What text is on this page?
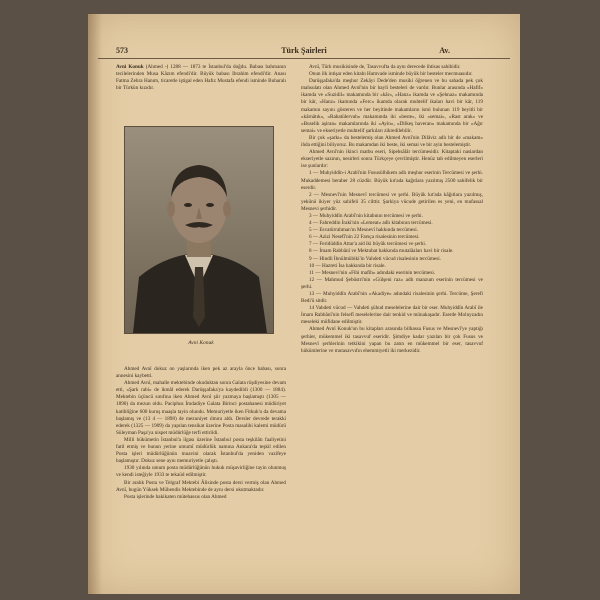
573	Türk Şairleri	Av.

Avni Konuk (Ahmed -) 1288 — 1873 te İstanbul'da doğdu. Babası bahmanın tecilelerinden Musa Kâzım efendi'dir. Büyük babası Ibrahim efendi'dir. Anası Fatma Zehra Hanım, ticaretle iştigal eden Hafız Mustafa efendi isminde Buharalı bir Türkün kızıdır.

Avni Konuk

Ahmed Avnî dokuz on yaşlarında iken pek az arayla önce babası, sonra annesini kaybetti.

Ahmed Avnî, mahalle mektebinde okuduktan sonra Galata rüşdiyesine devam etti, «Şark rabi» de ikmâl ederek Darüşşafaka'ya kaydedildi (1300 — 1884). Mektebin üçüncü sınıfına iken Ahmed Avnî şiir yazmaya başlamıştı (1305 — 1890) da mezun oldu. Paciphus İmdadiye Galata Birinci postahanesi müdüriyet katibliğine 600 kuruş maaşla tayin olundu. Memuriyetle iken Fitkuk'u da devama başlamış ve (13 4 — 1898) de mezuniyet ılmını aldı. Dersler devrede terakki ederek (1325 — 1909) da yapılan tensikat üzerine Posta masalihi kalemi müdürü Süleyman Paşa'ya nispet müdürlüğe terfi ettirildi.

Milli hükümetin İstanbul'a ilgası üzerine İstanbul posta teşkilâtı faaliyetini fatil etmiş ve bunun yerine umumî müdürlük namına Ankara'da teşkil edilen Posta işleri müdürlüğünün muavini olarak İstanbul'da yeniden vazifeye başlamıştır. Dokuz sene aynı memuriyetle çalıştı.

1930 yılında umum posta müdürlüğünün hukuk müşavirliğine tayin olunmuş ve kendi isteğiyle 1933 te tekaüd edilmiştir.

Bir aralık Posta ve Telgraf Mektebi Âlisinde posta dersi vermiş olan Ahmed Avnî, bugün Yüksek Mühendis Mektebinde de aynı dersi okutmaktadır.

Posta işlerinde hakikaten mütehassıs olan Ahmed

Avnî, Türk musikisinde de, Tasavvufta da aynı derecede ihtisas sahibidir.

Onun ilk intişar eden kitabı Hamvade isminde büyük bir besteler mecmuasıdır.

Darüşşafaka'da meşhur Zekâyi Dede'den musiki öğrenen ve bu sahada pek çok mahsulatı olan Ahmed Avnî'nin bir hayli besteleri de vardır. Bunlar arasında «Hafif» ikamda ve «Suzidil» makamında bir «kâr», «Hanz» ikamda ve «Şehnaz» makamında bir kâr, «Hanz» ikamında «Ferc» ikamda olarak muhtelif ikaları havi bir kâr, 119 makamın sayını gösteren ve her beyitinde makamların ismi bulunan 119 beyitli bir «kârnâtık», «Rahatülervah» makamında iki «beste», iki «semai», «Rast arak» ve «Buselik aşiran» makamlarında iki «Ayin», «Dilkeş haveran» makamında bir «Ağır semai» ve ekseriyetle muhtelif şarkıları zikredilebilir.

Bir çok «şarkı» da bestelemiş olan Ahmed Avnî'nin Dilâviz adlı bir de «makam» ihda ettiğini biliyoruz. Bu makamdan iki beste, iki semai ve bir ayin bestelemiştir.

Ahmed Avnî'nin ikinci matbu eseri, Sipehsâlâr tercümesidir. Kitaptaki naslardan ekseriyetle sazının, nesirleri sonra Türkçeye çevrilmiştir. Henüz tab edilmeyen eserleri ise şunlardır:

1 — Muhyiddîn-i Arabî'nin Fususülhikem adlı meşhur eserinin Tercümesi ve şerhi. Mukaddemesi beraber 28 cüzdür. Büyük kıt'ada kağıtlara yazılmış 2500 sahifelik bir eserdir.

2 — Mesnevî'nin Mesnevî tercümesi ve şerhi. Büyük kıt'ada kâğıtlara yazılmış, yekünü ikiyer yüz sahifeli 35 cilttir. Şarkiya vücude getirilen es yeni, en mufassal Mesnevi şerhidir.

3 — Muhyiddîn Arabî'nin kitabının tercümesi ve şerhi.

4 — Fahreddin İraki'nin «Lemeat» adlı kitabının tercümesi.

5 — Esvatürrahman'ın Mesnevî hakkında tercümesi.

6 — Azizi Nesefî'nin 22 Farsça risalesinin tercümesi.

7 — Feridüddin Attar'a aid iki büyük tercümesi ve şerhi.

8 — İmam Rabbânî ve Mektubat hakkında mutalâaları havi bir risale.

9 — Hindli İbnülmübiki'in Vahdeti vücud risalesinin tercümesi.

10 — Hazreti İsa hakkında bir risale.

11 — Mesnevi'nin «Fihi mafih» adındaki eserinin tercümesi.

12 — Mahmud Şebüstri'nin «Gülşeni raz» adlı manzum eserinin tercümesi ve şerhi.

13 — Muhyiddîn Arabî'nin «Akadiye» adındaki risalesinin şerhi. Tercüme, Şerefi Bedi'ü sitdir.

14 Vahdeti vücud — Vahdeti şühud meselelerine dair bir eser. Muhyiddîn Arabî ile İmam Rabbânî'nin felsefî meselelerine dair tenkid ve münakaşadır. Eserde Moluyzadın meseleki müfidane edilmiştir.

Ahmed Avnî Konuk'un bu kitapları arasında bilhassa Fusus ve Mesnevî'ye yaptığı şerhler, mükemmel iki tasavvuf eseridir. Şimdiye kadar yazılan bir çok Fusus ve Mesnevî şerhlerinin tetkikini yapan bu zatın en mükemmel bir eser, tasavvuf hükümlerine ve mutasavvıfın ehemmiyetli iki merkezidir.
